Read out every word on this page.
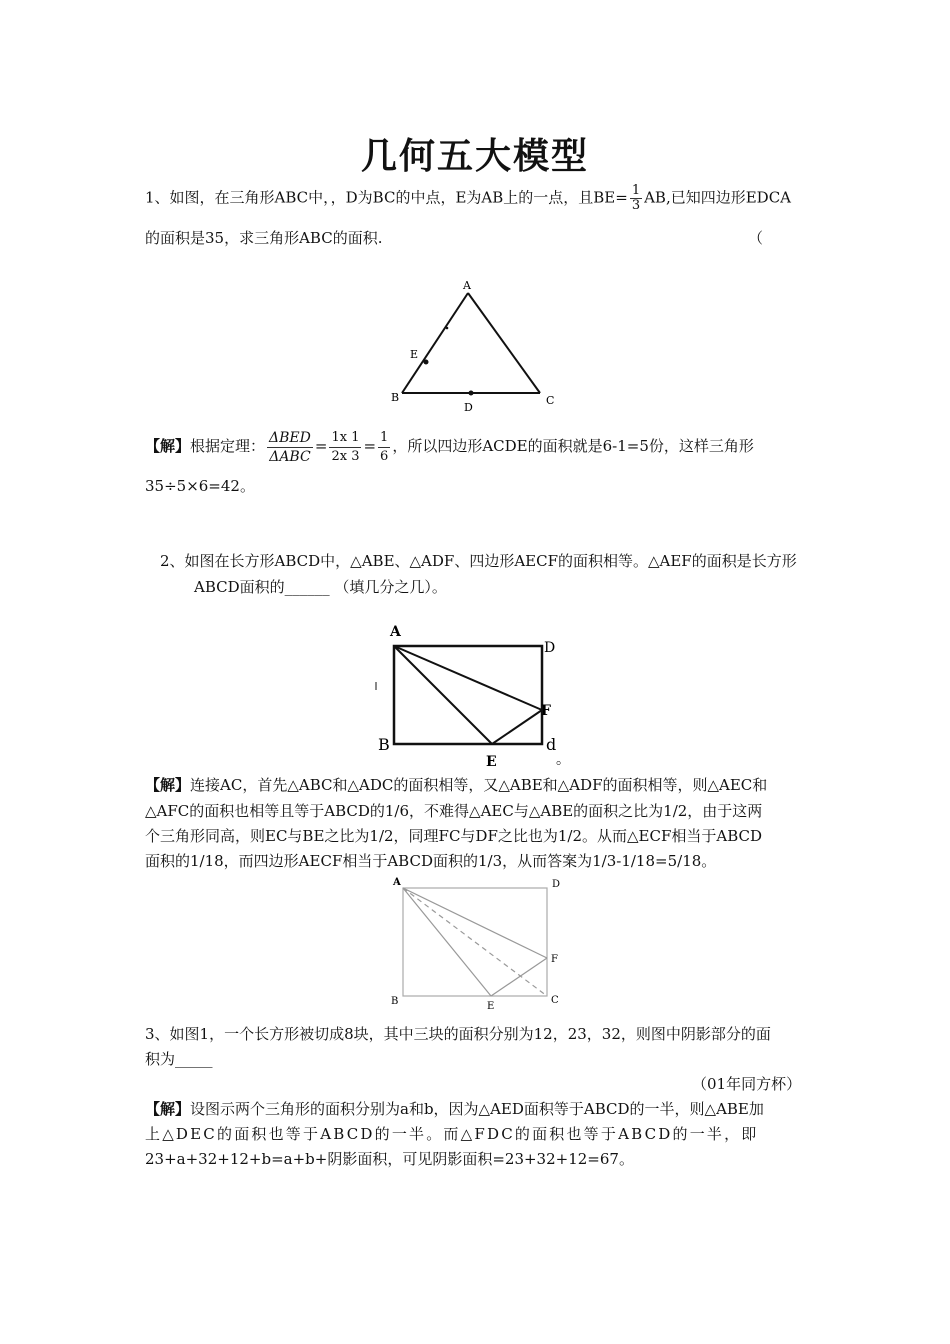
几何五大模型
1、如图，在三角形ABC中，，D为BC的中点，E为AB上的一点，且$BE= \frac{1}{3}$ AB,已知四边形EDCA
的面积是35，求三角形ABC的面积.	（
A
B	C
D
E
【解】根据定理： $\frac{\text{ΔBED}}{\text{ΔABC}} = \frac{1x 1}{2x 3} = \frac{1}{6}$ ，所以四边形ACDE的面积就是6-1=5份，这样三角形
35÷5×6=42。
2、如图在长方形ABCD中，△ABE、△ADF、四边形AECF的面积相等。△AEF的面积是长方形
ABCD面积的______ （填几分之几）。
A
D
B
E
F
d
。
【解】连接AC，首先△ABC和△ADC的面积相等，又△ABE和△ADF的面积相等，则△AEC和
△AFC的面积也相等且等于ABCD的1/6，不难得△AEC与△ABE的面积之比为1/2，由于这两
个三角形同高，则EC与BE之比为1/2，同理FC与DF之比也为1/2。从而△ECF相当于ABCD
面积的1/18，而四边形AECF相当于ABCD面积的1/3，从而答案为1/3-1/18=5/18。
A	D
B	E
F
C
3、如图1，一个长方形被切成8块，其中三块的面积分别为12，23，32，则图中阴影部分的面
积为_____
（01年同方杯）
【解】设图示两个三角形的面积分别为a和b，因为△AED面积等于ABCD的一半，则△ABE加
上△DEC的面积也等于ABCD的一半。而△FDC的面积也等于ABCD的一半，即
23+a+32+12+b=a+b+阴影面积，可见阴影面积=23+32+12=67。
